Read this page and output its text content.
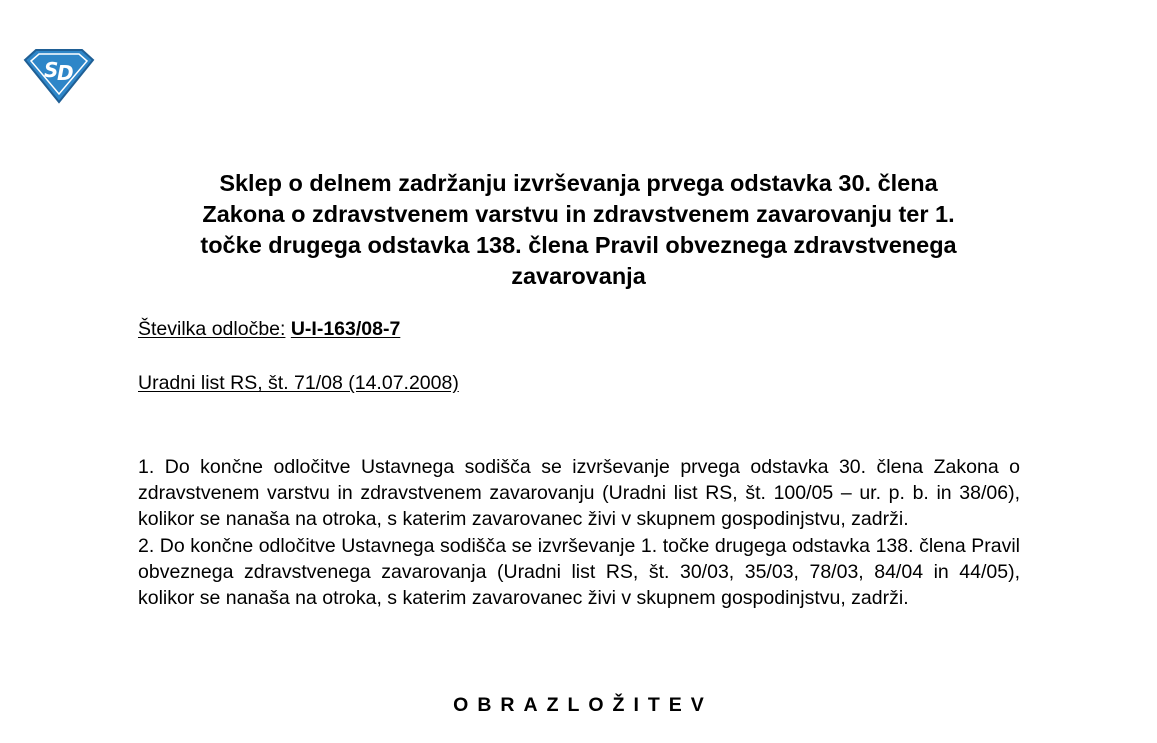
S
D
Sklep o delnem zadržanju izvrševanja prvega odstavka 30. člena
Zakona o zdravstvenem varstvu in zdravstvenem zavarovanju ter 1.
točke drugega odstavka 138. člena Pravil obveznega zdravstvenega
zavarovanja
Številka odločbe: U-I-163/08-7
Uradni list RS, št. 71/08 (14.07.2008)

1. Do končne odločitve Ustavnega sodišča se izvrševanje prvega odstavka 30. člena Zakona o zdravstvenem varstvu in zdravstvenem zavarovanju (Uradni list RS, št. 100/05 – ur. p. b. in 38/06), kolikor se nanaša na otroka, s katerim zavarovanec živi v skupnem gospodinjstvu, zadrži.

2. Do končne odločitve Ustavnega sodišča se izvrševanje 1. točke drugega odstavka 138. člena Pravil obveznega zdravstvenega zavarovanja (Uradni list RS, št. 30/03, 35/03, 78/03, 84/04 in 44/05), kolikor se nanaša na otroka, s katerim zavarovanec živi v skupnem gospodinjstvu, zadrži.

OBRAZLOŽITEV
